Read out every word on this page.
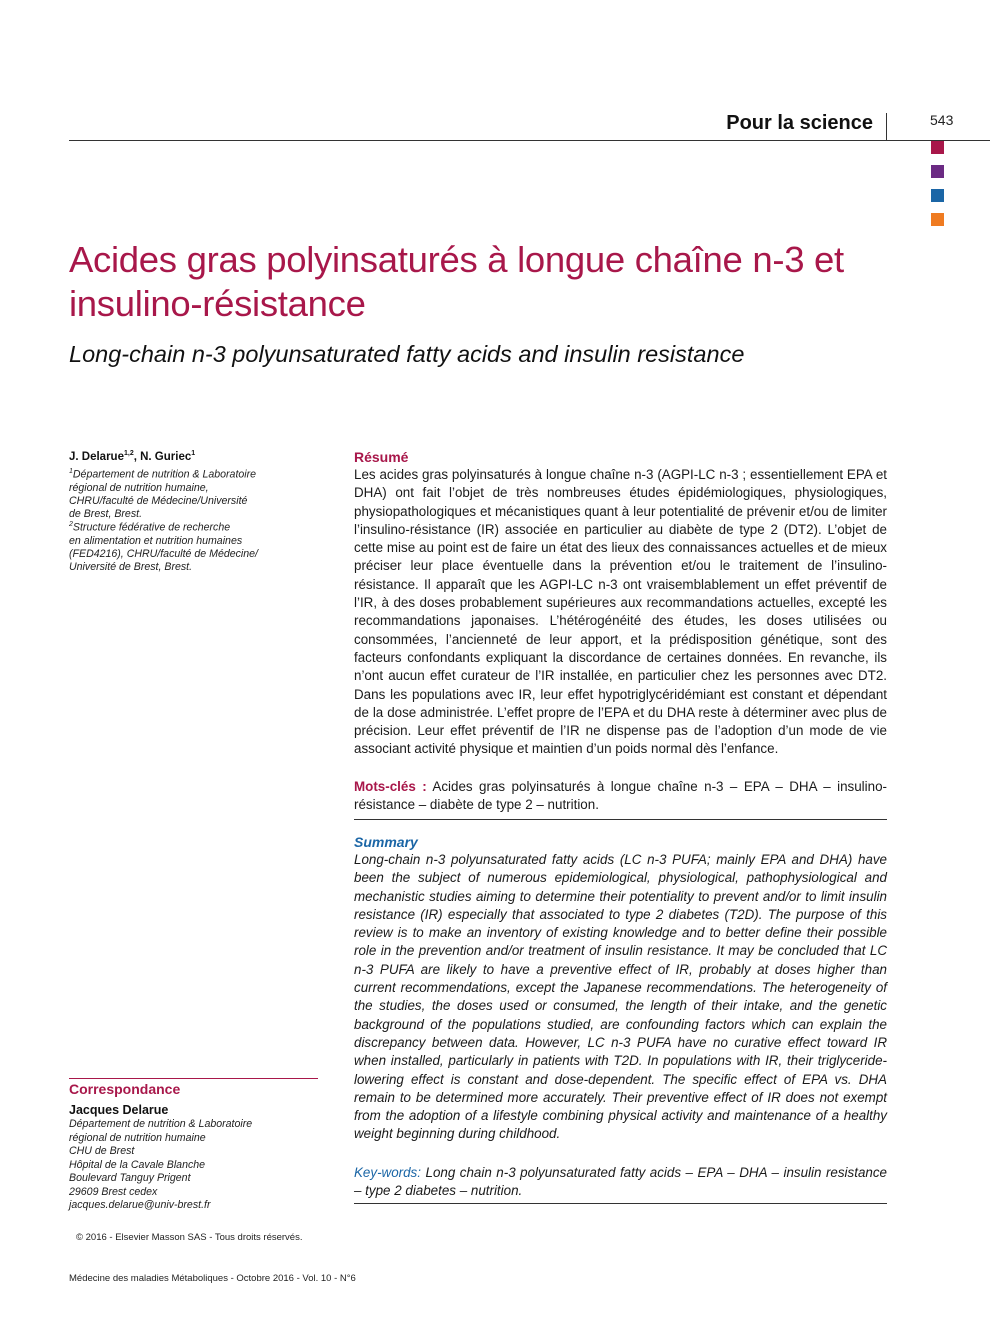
Pour la science	543
Acides gras polyinsaturés à longue chaîne n-3 et insulino-résistance
Long-chain n-3 polyunsaturated fatty acids and insulin resistance
J. Delarue$^{1,2}$, N. Guriec$^1$
$^1$Département de nutrition & Laboratoire
régional de nutrition humaine,
CHRU/faculté de Médecine/Université
de Brest, Brest.
$^2$Structure fédérative de recherche
en alimentation et nutrition humaines
(FED4216), CHRU/faculté de Médecine/
Université de Brest, Brest.
Correspondance
Jacques Delarue
Département de nutrition & Laboratoire
régional de nutrition humaine
CHU de Brest
Hôpital de la Cavale Blanche
Boulevard Tanguy Prigent
29609 Brest cedex
jacques.delarue@univ-brest.fr
© 2016 - Elsevier Masson SAS - Tous droits réservés.
Médecine des maladies Métaboliques - Octobre 2016 - Vol. 10 - N°6
Résumé
Les acides gras polyinsaturés à longue chaîne n-3 (AGPI-LC n-3 ; essentiellement EPA et DHA) ont fait l’objet de très nombreuses études épidémiologiques, physiologiques, physiopathologiques et mécanistiques quant à leur potentialité de prévenir et/ou de limiter l’insulino-résistance (IR) associée en particulier au diabète de type 2 (DT2). L’objet de cette mise au point est de faire un état des lieux des connaissances actuelles et de mieux préciser leur place éventuelle dans la prévention et/ou le traitement de l’insulino-résistance. Il apparaît que les AGPI-LC n-3 ont vraisemblablement un effet préventif de l’IR, à des doses probablement supérieures aux recommandations actuelles, excepté les recommandations japonaises. L’hétérogénéité des études, les doses utilisées ou consommées, l’ancienneté de leur apport, et la prédisposition génétique, sont des facteurs confondants expliquant la discordance de certaines données. En revanche, ils n’ont aucun effet curateur de l’IR installée, en particulier chez les personnes avec DT2. Dans les populations avec IR, leur effet hypotriglycéridémiant est constant et dépendant de la dose administrée. L’effet propre de l’EPA et du DHA reste à déterminer avec plus de précision. Leur effet préventif de l’IR ne dispense pas de l’adoption d’un mode de vie associant activité physique et maintien d’un poids normal dès l’enfance.
Mots-clés : Acides gras polyinsaturés à longue chaîne n-3 – EPA – DHA – insulino-résistance – diabète de type 2 – nutrition.
Summary
Long-chain n-3 polyunsaturated fatty acids (LC n-3 PUFA; mainly EPA and DHA) have been the subject of numerous epidemiological, physiological, pathophysiological and mechanistic studies aiming to determine their potentiality to prevent and/or to limit insulin resistance (IR) especially that associated to type 2 diabetes (T2D). The purpose of this review is to make an inventory of existing knowledge and to better define their possible role in the prevention and/or treatment of insulin resistance. It may be concluded that LC n-3 PUFA are likely to have a preventive effect of IR, probably at doses higher than current recommendations, except the Japanese recommendations. The heterogeneity of the studies, the doses used or consumed, the length of their intake, and the genetic background of the populations studied, are confounding factors which can explain the discrepancy between data. However, LC n-3 PUFA have no curative effect toward IR when installed, particularly in patients with T2D. In populations with IR, their triglyceride-lowering effect is constant and dose-dependent. The specific effect of EPA vs. DHA remain to be determined more accurately. Their preventive effect of IR does not exempt from the adoption of a lifestyle combining physical activity and maintenance of a healthy weight beginning during childhood.
Key-words: Long chain n-3 polyunsaturated fatty acids – EPA – DHA – insulin resistance – type 2 diabetes – nutrition.
